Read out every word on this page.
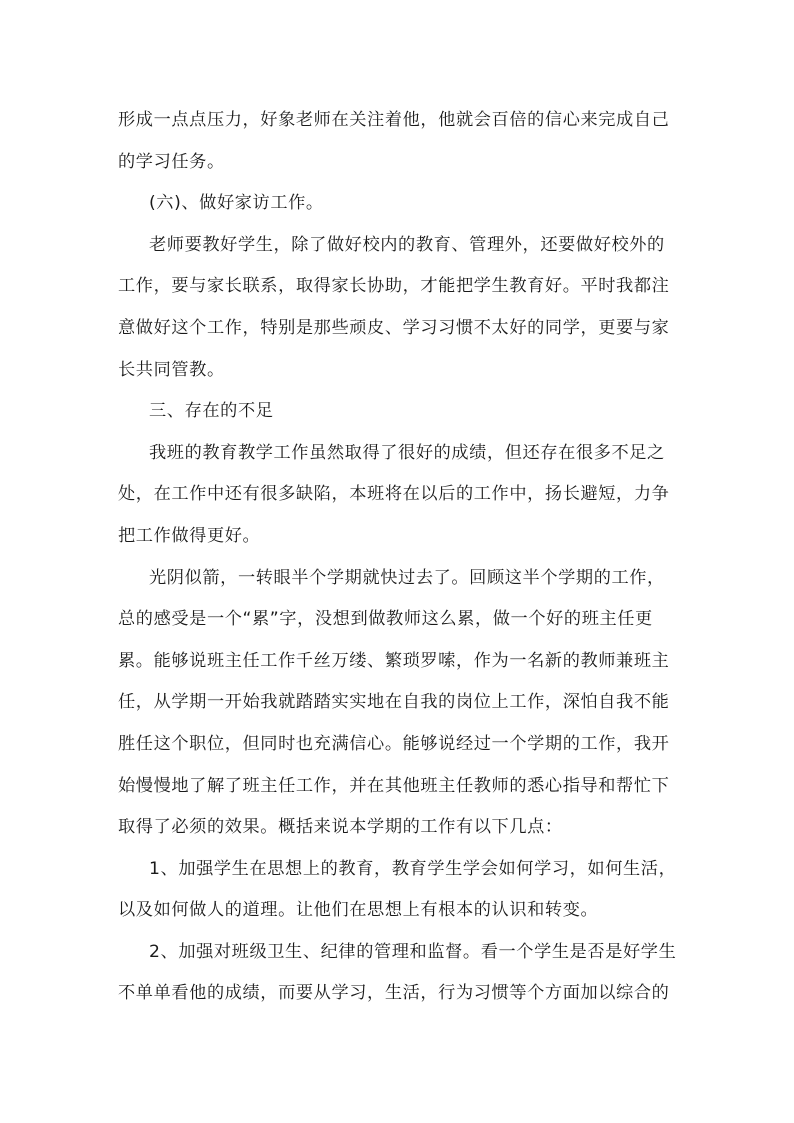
形成一点点压力，好象老师在关注着他，他就会百倍的信心来完成自己
的学习任务。
(六)、做好家访工作。
老师要教好学生，除了做好校内的教育、管理外，还要做好校外的
工作，要与家长联系，取得家长协助，才能把学生教育好。平时我都注
意做好这个工作，特别是那些顽皮、学习习惯不太好的同学，更要与家
长共同管教。
三、存在的不足
我班的教育教学工作虽然取得了很好的成绩，但还存在很多不足之
处，在工作中还有很多缺陷，本班将在以后的工作中，扬长避短，力争
把工作做得更好。
光阴似箭，一转眼半个学期就快过去了。回顾这半个学期的工作，
总的感受是一个“累”字，没想到做教师这么累，做一个好的班主任更
累。能够说班主任工作千丝万缕、繁琐罗嗦，作为一名新的教师兼班主
任，从学期一开始我就踏踏实实地在自我的岗位上工作，深怕自我不能
胜任这个职位，但同时也充满信心。能够说经过一个学期的工作，我开
始慢慢地了解了班主任工作，并在其他班主任教师的悉心指导和帮忙下
取得了必须的效果。概括来说本学期的工作有以下几点：
1、加强学生在思想上的教育，教育学生学会如何学习，如何生活，
以及如何做人的道理。让他们在思想上有根本的认识和转变。
2、加强对班级卫生、纪律的管理和监督。看一个学生是否是好学生
不单单看他的成绩，而要从学习，生活，行为习惯等个方面加以综合的
